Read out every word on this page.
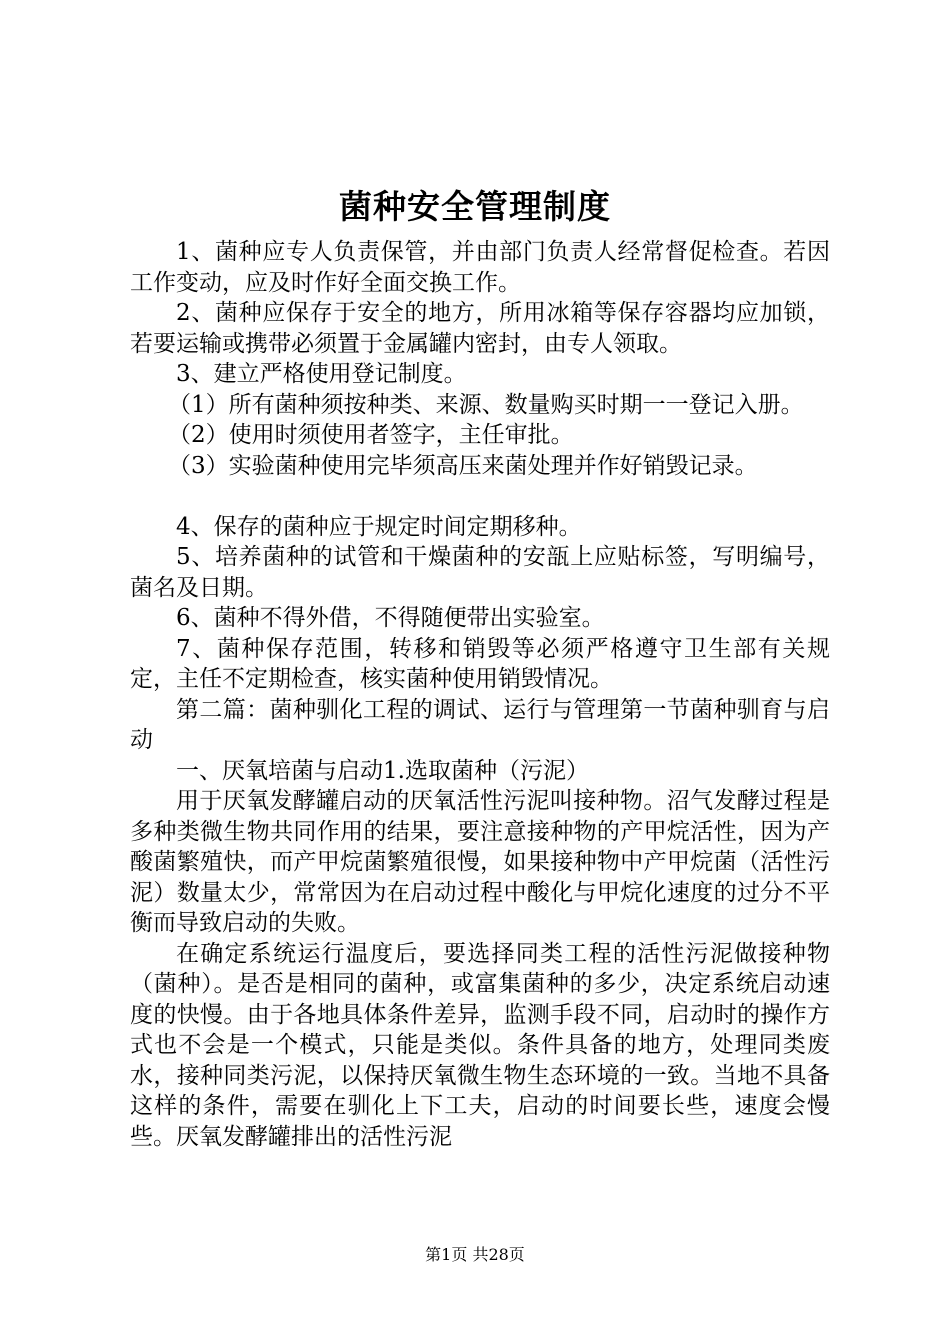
菌种安全管理制度

1、菌种应专人负责保管，并由部门负责人经常督促检查。若因工作变动，应及时作好全面交换工作。

2、菌种应保存于安全的地方，所用冰箱等保存容器均应加锁，若要运输或携带必须置于金属罐内密封，由专人领取。

3、建立严格使用登记制度。

（1）所有菌种须按种类、来源、数量购买时期一一登记入册。

（2）使用时须使用者签字，主任审批。

（3）实验菌种使用完毕须高压来菌处理并作好销毁记录。

4、保存的菌种应于规定时间定期移种。

5、培养菌种的试管和干燥菌种的安瓿上应贴标签，写明编号，菌名及日期。

6、菌种不得外借，不得随便带出实验室。

7、菌种保存范围，转移和销毁等必须严格遵守卫生部有关规定，主任不定期检查，核实菌种使用销毁情况。

第二篇：菌种驯化工程的调试、运行与管理第一节菌种驯育与启动

一、厌氧培菌与启动1.选取菌种（污泥）

用于厌氧发酵罐启动的厌氧活性污泥叫接种物。沼气发酵过程是多种类微生物共同作用的结果，要注意接种物的产甲烷活性，因为产酸菌繁殖快，而产甲烷菌繁殖很慢，如果接种物中产甲烷菌（活性污泥）数量太少，常常因为在启动过程中酸化与甲烷化速度的过分不平衡而导致启动的失败。

在确定系统运行温度后，要选择同类工程的活性污泥做接种物（菌种）。是否是相同的菌种，或富集菌种的多少，决定系统启动速度的快慢。由于各地具体条件差异，监测手段不同，启动时的操作方式也不会是一个模式，只能是类似。条件具备的地方，处理同类废水，接种同类污泥，以保持厌氧微生物生态环境的一致。当地不具备这样的条件，需要在驯化上下工夫，启动的时间要长些，速度会慢些。厌氧发酵罐排出的活性污泥

第1页 共28页
